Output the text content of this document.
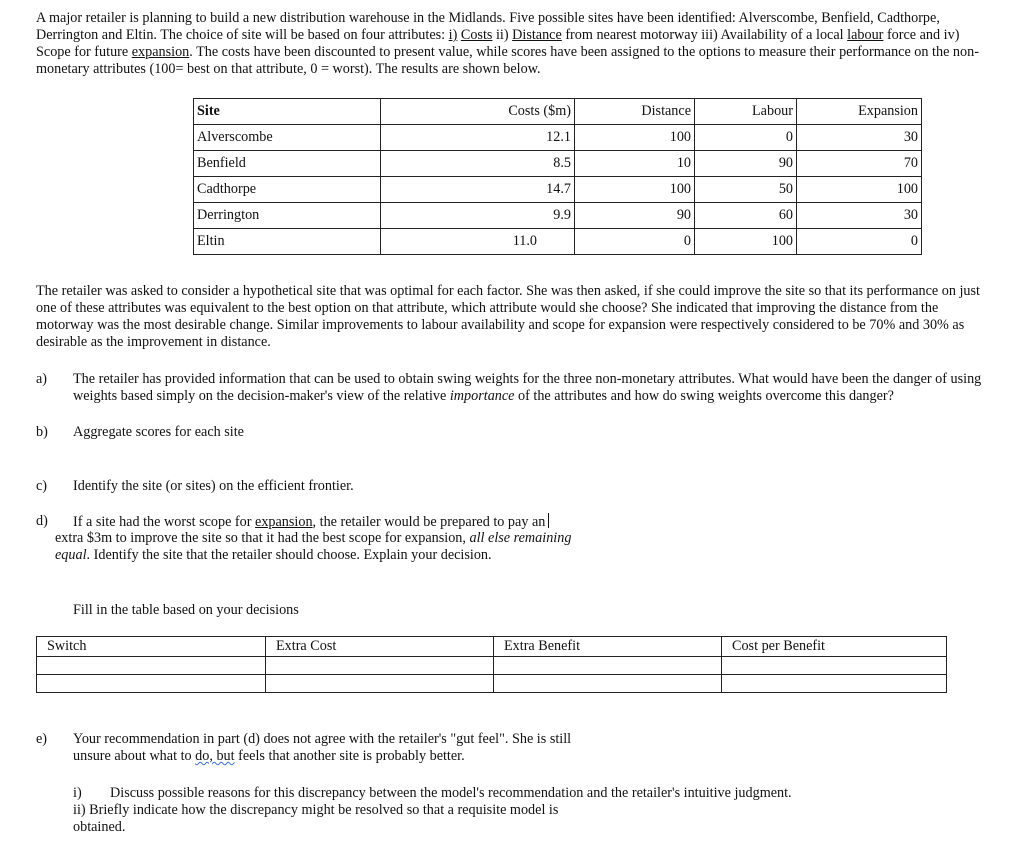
A major retailer is planning to build a new distribution warehouse in the Midlands. Five possible sites have been identified: Alverscombe, Benfield, Cadthorpe, Derrington and Eltin. The choice of site will be based on four attributes: i) Costs ii) Distance from nearest motorway iii) Availability of a local labour force and iv) Scope for future expansion. The costs have been discounted to present value, while scores have been assigned to the options to measure their performance on the non-monetary attributes (100= best on that attribute, 0 = worst). The results are shown below.

Site	Costs ($m)	Distance	Labour	Expansion
Alverscombe	12.1	100	0	30
Benfield	8.5	10	90	70
Cadthorpe	14.7	100	50	100
Derrington	9.9	90	60	30
Eltin	11.0	0	100	0

The retailer was asked to consider a hypothetical site that was optimal for each factor. She was then asked, if she could improve the site so that its performance on just one of these attributes was equivalent to the best option on that attribute, which attribute would she choose? She indicated that improving the distance from the motorway was the most desirable change. Similar improvements to labour availability and scope for expansion were respectively considered to be 70% and 30% as desirable as the improvement in distance.

a) The retailer has provided information that can be used to obtain swing weights for the three non-monetary attributes. What would have been the danger of using weights based simply on the decision-maker's view of the relative importance of the attributes and how do swing weights overcome this danger?

b) Aggregate scores for each site

c) Identify the site (or sites) on the efficient frontier.

d) If a site had the worst scope for expansion, the retailer would be prepared to pay an

extra $3m to improve the site so that it had the best scope for expansion, all else remaining equal. Identify the site that the retailer should choose. Explain your decision.

Fill in the table based on your decisions

Switch	Extra Cost	Extra Benefit	Cost per Benefit

e) Your recommendation in part (d) does not agree with the retailer's "gut feel". She is still unsure about what to do, but feels that another site is probably better.

i) Discuss possible reasons for this discrepancy between the model's recommendation and the retailer's intuitive judgment.

ii) Briefly indicate how the discrepancy might be resolved so that a requisite model is obtained.
